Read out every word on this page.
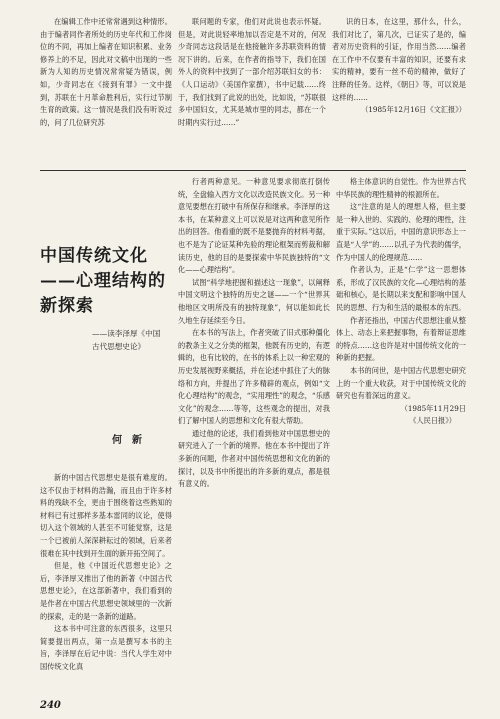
在编辑工作中还常常遇到这种情形。由于编者同作者所处的历史年代和工作岗位的不同，再加上编者在知识积累、业务修养上的不足，因此对文稿中出现的一些新为人知的历史情况常常疑为错误，例如，少奇同志在《接到有罪》一文中提到，苏联在十月革命胜利后，实行过节制生育的政策。这一情况是我们没有听说过的，问了几位研究苏

联问题的专家，他们对此说也表示怀疑。但是，对此说轻率地加以否定是不对的，何况少奇同志这段话是在他接触许多苏联资料的情况下讲的。后来，在作者的指导下，我们在国外人的资料中找到了一部介绍苏联妇女的书：《人口运动》（美国作家撰），书中记载……终于，我们找到了此说的出处，比如说，“苏联很多中国妇女，尤其是城市里的同志，都在一个时期内实行过……”

识的日本，在这里，那什么，什么，我们对比了，第几次，已证实了是的，编者对历史资料的引证，作用当然……编者在工作中不仅要有丰富的知识，还要有求实的精神，要有一丝不苟的精神，做好了注释的任务。这样，《朝日》等，可以说是这样的……

（1985年12月16日《文汇报》）

中国传统文化
——心理结构的
新探索
——读李泽厚《中国
古代思想史论》
何新

新的中国古代思想史是很有难度的。这不仅由于材料的浩瀚，而且由于许多材料的残缺不全，更由于围绕着这些熟知的材料已有过那样多基本雷同的议论，使得切入这个领域的人甚至不可能觉察，这是一个已被前人深深耕耘过的领域，后来者很难在其中找到开生面的新开拓空间了。

但是，他《中国近代思想史论》之后，李泽厚又推出了他的新著《中国古代思想史论》，在这部新著中，我们看到的是作者在中国古代思想史领域里的一次新的探索，走的是一条新的道路。

这本书中可注意的东西很多，这里只简要提出两点，第一点是撰写本书的主旨，李泽厚在后记中说：当代人学生对中国传统文化真

行者两种意见。一种意见要求彻底打倒传统，全盘输入西方文化以改造民族文化。另一种意见要想在打破中有所保存和继承。李泽厚的这本书，在某种意义上可以说是对这两种意见所作出的回答。他看重的既不是要抛弃的材料考据，也不是为了论证某种先验的理论框架而剪裁和解读历史，他的目的是要探索中华民族独特的“文化——心理结构”。

试图“科学地把握和描述这一现象”，以阐释中国文明这个独特的历史之谜——一个“世界其他地区文明所没有的独特现象”，何以能如此长久地生存延续至今日。

在本书的写法上，作者突破了旧式那种僵化的教条主义之分类的框架，他既有历史的，有逻辑的，也有比较的，在书的体系上以一种宏观的历史发展视野来概括，并在论述中抓住了大的脉络和方向，并提出了许多精辟的观点，例如“文化心理结构”的观念，“实用理性”的观念，“乐感文化”的观念……等等，这些观念的提出，对我们了解中国人的思想和文化有很大帮助。

通过他的论述，我们看到他对中国思想史的研究进入了一个新的境界。他在本书中提出了许多新的问题，作者对中国传统思想和文化的新的探讨，以及书中所提出的许多新的观点，都是很有意义的。

格主体意识的自觉性。作为世界古代中华民族的理性精神的根源所在。

这“注意的是人的理想人格，但主要是一种入世的、实践的、伦理的理性，注重于实际。”这以后，中国的意识形态上一直是“人学”的……以孔子为代表的儒学，作为中国人的伦理规范……

作者认为，正是“仁学”这一思想体系，形成了汉民族的文化—心理结构的基础和核心，是长期以来支配和影响中国人民的思想、行为和生活的最根本的东西。

作者还指出，中国古代思想注重从整体上、动态上来把握事物，有着辩证思维的特点……这也许是对中国传统文化的一种新的把握。

本书的问世，是中国古代思想史研究上的一个重大收获，对于中国传统文化的研究也有着深远的意义。

（1985年11月29日

《人民日报》）

240
